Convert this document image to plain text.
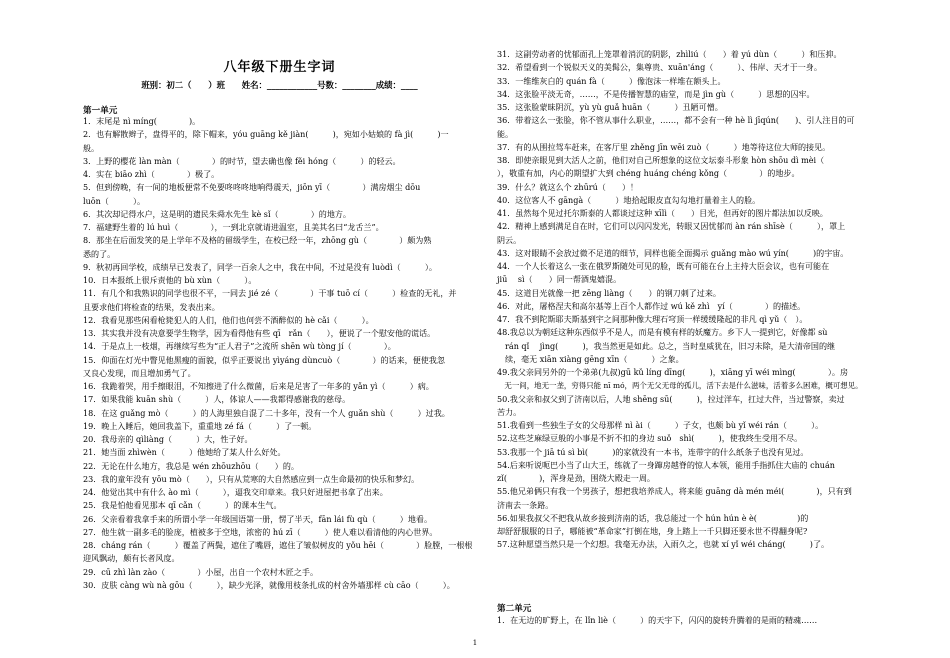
八年级下册生字词
班别：初二（　　）班　　姓名：____________号数：________成绩：____
第一单元
1．末尾是 nì míng(　　　　)。
2．也有解散辫子，盘得平的，除下帽来，yóu guāng kě jiàn(　　　)，宛如小姑娘的 fà jì(　　　)一
般。
3．上野的樱花 làn màn（　　　　）的时节，望去确也像 fěi hóng（　　　）的轻云。
4．实在 biāo zhì（　　　　）极了。
5．但到傍晚，有一间的地板便常不免要咚咚咚地响得震天，jiōn yī（　　　　）满房烟尘 dōu
luōn（　　　）。
6．其次却记得水户，这是明的遗民朱舜水先生 kè sǐ（　　　　）的地方。
7．福建野生着的 lú huì（　　　　），一到北京就请进温室，且美其名曰“龙舌兰”。
8．那坐在后面发笑的是上学年不及格的留级学生，在校已经一年，zhōng gù（　　　　）颇为熟
悉的了。
9．秋初再回学校，成绩早已发表了，同学一百余人之中，我在中间，不过是没有 luòdì（　　　）。
10．日本报纸上很斥责他的 bù xùn（　　　）。
11．有几个和我熟识的同学也很不平，一同去 jié zé（　　　　）干事 tuō cí（　　　）检查的无礼，并
且要求他们将检查的结果，发表出来。
12．我看见那些闲看枪毙犯人的人们，他们也何尝不酒醉似的 hè cǎi（　　　）。
13．其实我并没有决意要学生物学，因为看得他有些 qī　rǎn（　　），便说了一个慰安他的谎话。
14．于是点上一枝烟，再继续写些为“正人君子”之流所 shēn wù tòng jí（　　　　）。
15．仰面在灯光中瞥见他黑瘦的面貌，似乎正要说出 yìyáng dùncuò（　　　　）的话来，便使我忽
又良心发现，而且增加勇气了。
16．我跪着哭，用手擦眼泪，不知擦进了什么微菌，后来是足害了一年多的 yǎn yì（　　　）病。
17．如果我能 kuān shù（　　　）人，体谅人——我都得感谢我的慈母。
18．在这 guǎng mò（　　　）的人海里独自混了二十多年，没有一个人 guǎn shù（　　　）过我。
19．晚上入睡后，她回我盖下，重重地 zé fá（　　　）了一顿。
20．我母亲的 qìliàng（　　　）大，性子好。
21．她当面 zhìwèn（　　　）他她给了某人什么好处。
22．无论在什么地方，我总是 wén zhōuzhōu（　　）的。
23．我的童年没有 yōu mò（　　），只有从荒寒的大自然感应到一点生命最初的快乐和梦幻。
24．他觉出其中有什么 ào mì（　　　），逼我交印章来。我只好进屋把书拿了出来。
25．我是怕他看见那本 qī cǎn（　　　）的课本生气。
26．父亲看着我拿手来的所谓小学一年级国语第一册，愣了半天，fān lái fù qù（　　　）地看。
27．他生就一副多毛的脸庞，植被多于空地，浓密的 hú zī（　　　）使人难以看清他的内心世界。
28．cháng rán（　　　）覆盖了两鬓，遮住了嘴唇，遮住了皱似树皮的 yǒu hēi（　　　　）脸膛，一根根
迎风飘动，颇有长者风度。
29．cū zhì làn zào（　　　　）小屋，出自一个农村木匠之手。
30．皮肤 càng wù nà gōu（　　　），缺少光泽，就像用枝条扎成的村舍外墙那样 cù cāo（　　　）。
31．这副劳动者的忧郁面孔上笼罩着消沉的阴影，zhìliú（　　）着 yú dùn（　　　）和压抑。
32．希望看到一个锐似天义的美髯公，集尊贵、xuān'áng（　　　）、伟岸、天才于一身。
33．一维维灰白的 quán fà（　　　）像泡沫一样堆在额头上。
34．这张脸平淡无奇，……，不是传播智慧的庙堂，而是 jìn gù（　　　）思想的囚牢。
35．这张脸蒙昧阴沉，yù yù guǎ huān（　　　）丑陋可憎。
36．带着这么一张脸，你不管从事什么职业，……，都不会有一种 hè lì jīqún(　　)、引人注目的可
能。
37．有的从围拉驾车赶来，在客厅里 zhěng jīn wēi zuò（　　　）地等待这位大师的接见。
38．即使亲眼见到大活人之前，他们对自己所想象的这位文坛泰斗形象 hòn shōu dì mèi（　　
），敬重有加，内心的期望扩大到 chéng huáng chéng kǒng（　　　　）的地步。
39．什么？就这么个 zhūrú（　　）！
40．这位客人不 gāngà（　　　）地拾起眼皮直勾勾地打量着主人的脸。
41．虽然每个见过托尔斯泰的人都谈过这种 xīlì（　　）目光，但再好的图片都法加以反映。
42．精神上感到满足自在时，它们可以闪闪发光，转眼又因忧郁而 àn rán shīsè（　　　），罩上
阴云。
43．这对眼睛不会放过微不足道的细节，同样也能全面揭示 guǎng mào wú yín(　　　)的宇宙。
44．一个人长着这么一张在俄罗斯随处可见的脸，既有可能在台上主持大臣会议，也有可能在
jiū　 sì（　　）同一帮酒鬼嬉混。
45．这道目光就像一把 zēng liàng（　　）的钢刀刺了过来。
46．对此，屠格涅夫和高尔基等上百个人都作过 wú kě zhì　yí（　　　　）的描述。
47．我不到陀斯耶夫斯基到宇之间那种像大理石穹顶一样缓缓隆起的非凡 qì yǔ（　）。
48.我总以为朝廷这种东西似乎不是人，而是有模有样的妖魔方。乡下人一提到它，好像都 sù
　rán qǐ　 jìng(　　　)，我当然更是如此。总之，当时皇威犹在，旧习未除，是大清帝国的继
　续，毫无 xiān xiàng gēng xīn（　　　）之象。
49.我父亲同另外的一个弟弟(九叔)gū kǔ líng dīng(　　　)，xiāng yī wéi mìng(　　　　）。房
　无一间，地无一垄，穷得只能 nī mó，两个无父无母的孤儿，活下去是什么滋味，活着多么困难，概可想见。
50.我父亲和叔父到了济南以后，人地 shēng sū(　　　)，拉过洋车，扛过大件，当过警察，卖过
苦力。
51.我看到一些独生子女的父母那样 nì ài（　　　）子女，也颇 bù yǐ wéi rán（　　　）。
52.这些芝麻绿豆般的小事是不折不扣的身边 suǒ　shì(　　　)，使我终生受用不尽。
53.我那一个 jiā tú sì bì(　　　)的家就没有一本书，连带字的什么纸条子也没有见过。
54.后来听说呃巴小当了山大王，练就了一身蹿房越脊的惊人本领，能用手指抓住大庙的 chuán
zǐ(　　　　)，浑身是劲，围绕大殿走一周。
55.他兄弟俩只有我一个男孩子，想把我培养成人，将来能 guāng dà mén méi(　　　　)，只有到
济南去一条路。
56.如果我叔父不把我从故乡接到济南的话，我总能过一个 hún hún è è(　　　　　)的
却舒舒服服的日子，哪能被“革命家”打倒在地，身上踏上一千只脚还要永世不得翻身呢?
57.这种愿望当然只是一个幻想。我毫无办法，入雨久之，也就 xí yǐ wéi cháng(　　　)了。
第二单元
1．在无边的旷野上，在 lǐn liè（　　　）的天宇下，闪闪的旋转升腾着的是雨的精魂……
1
